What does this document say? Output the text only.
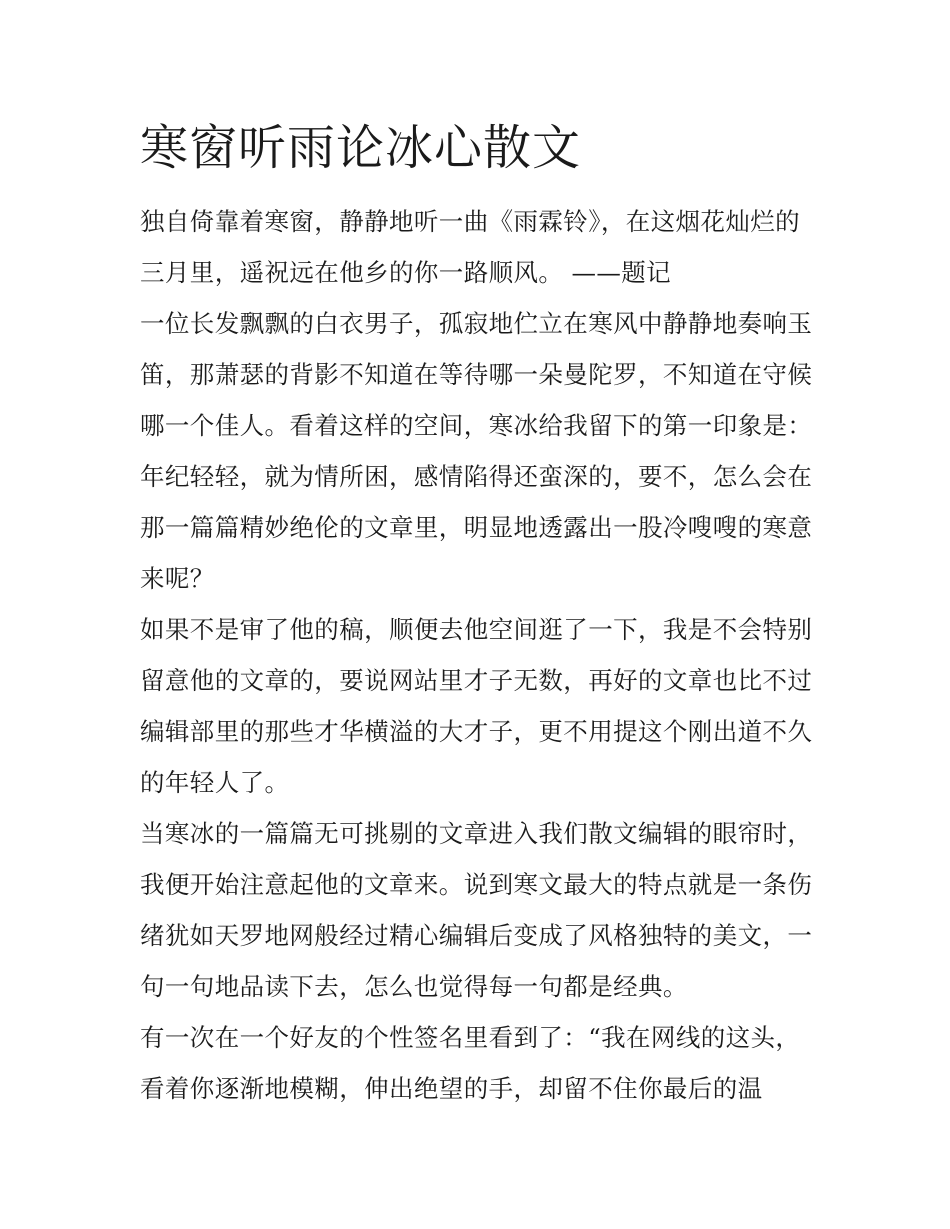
寒窗听雨论冰心散文

独自倚靠着寒窗，静静地听一曲《雨霖铃》，在这烟花灿烂的
三月里，遥祝远在他乡的你一路顺风。 ——题记

一位长发飘飘的白衣男子，孤寂地伫立在寒风中静静地奏响玉
笛，那萧瑟的背影不知道在等待哪一朵曼陀罗，不知道在守候
哪一个佳人。看着这样的空间，寒冰给我留下的第一印象是：
年纪轻轻，就为情所困，感情陷得还蛮深的，要不，怎么会在
那一篇篇精妙绝伦的文章里，明显地透露出一股冷嗖嗖的寒意
来呢？

如果不是审了他的稿，顺便去他空间逛了一下，我是不会特别
留意他的文章的，要说网站里才子无数，再好的文章也比不过
编辑部里的那些才华横溢的大才子，更不用提这个刚出道不久
的年轻人了。

当寒冰的一篇篇无可挑剔的文章进入我们散文编辑的眼帘时，
我便开始注意起他的文章来。说到寒文最大的特点就是一条伤
绪犹如天罗地网般经过精心编辑后变成了风格独特的美文，一
句一句地品读下去，怎么也觉得每一句都是经典。

有一次在一个好友的个性签名里看到了：“我在网线的这头，
看着你逐渐地模糊，伸出绝望的手，却留不住你最后的温
